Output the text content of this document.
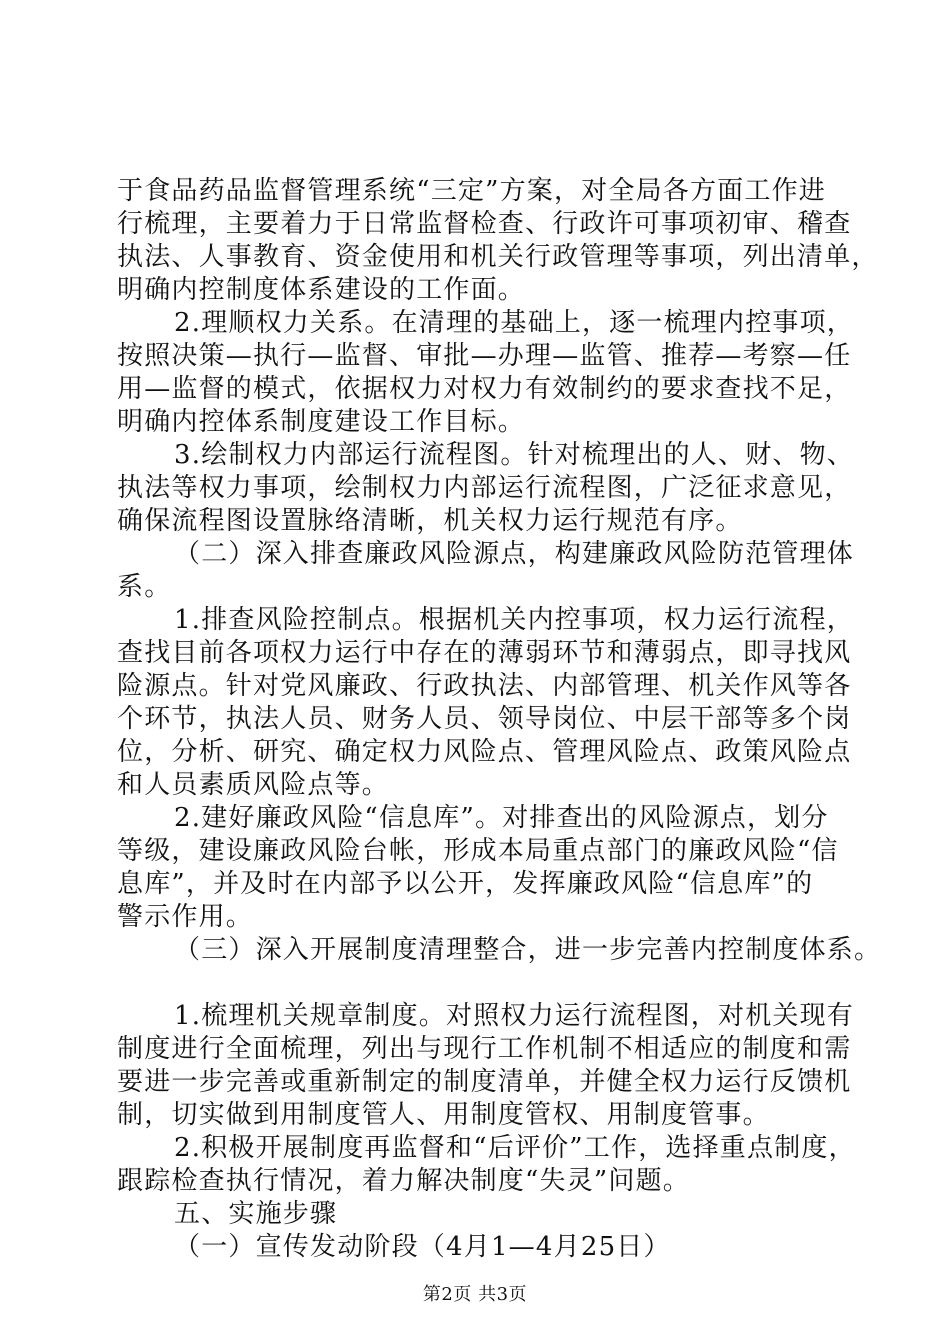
于食品药品监督管理系统“三定”方案，对全局各方面工作进
行梳理，主要着力于日常监督检查、行政许可事项初审、稽查
执法、人事教育、资金使用和机关行政管理等事项，列出清单，
明确内控制度体系建设的工作面。
2.理顺权力关系。在清理的基础上，逐一梳理内控事项，
按照决策—执行—监督、审批—办理—监管、推荐—考察—任
用—监督的模式，依据权力对权力有效制约的要求查找不足，
明确内控体系制度建设工作目标。
3.绘制权力内部运行流程图。针对梳理出的人、财、物、
执法等权力事项，绘制权力内部运行流程图，广泛征求意见，
确保流程图设置脉络清晰，机关权力运行规范有序。
（二）深入排查廉政风险源点，构建廉政风险防范管理体
系。
1.排查风险控制点。根据机关内控事项，权力运行流程，
查找目前各项权力运行中存在的薄弱环节和薄弱点，即寻找风
险源点。针对党风廉政、行政执法、内部管理、机关作风等各
个环节，执法人员、财务人员、领导岗位、中层干部等多个岗
位，分析、研究、确定权力风险点、管理风险点、政策风险点
和人员素质风险点等。
2.建好廉政风险“信息库”。对排查出的风险源点，划分
等级，建设廉政风险台帐，形成本局重点部门的廉政风险“信
息库”，并及时在内部予以公开，发挥廉政风险“信息库”的
警示作用。
（三）深入开展制度清理整合，进一步完善内控制度体系。
1.梳理机关规章制度。对照权力运行流程图，对机关现有
制度进行全面梳理，列出与现行工作机制不相适应的制度和需
要进一步完善或重新制定的制度清单，并健全权力运行反馈机
制，切实做到用制度管人、用制度管权、用制度管事。
2.积极开展制度再监督和“后评价”工作，选择重点制度，
跟踪检查执行情况，着力解决制度“失灵”问题。
五、实施步骤
（一）宣传发动阶段（4月1—4月25日）
第2页 共3页
